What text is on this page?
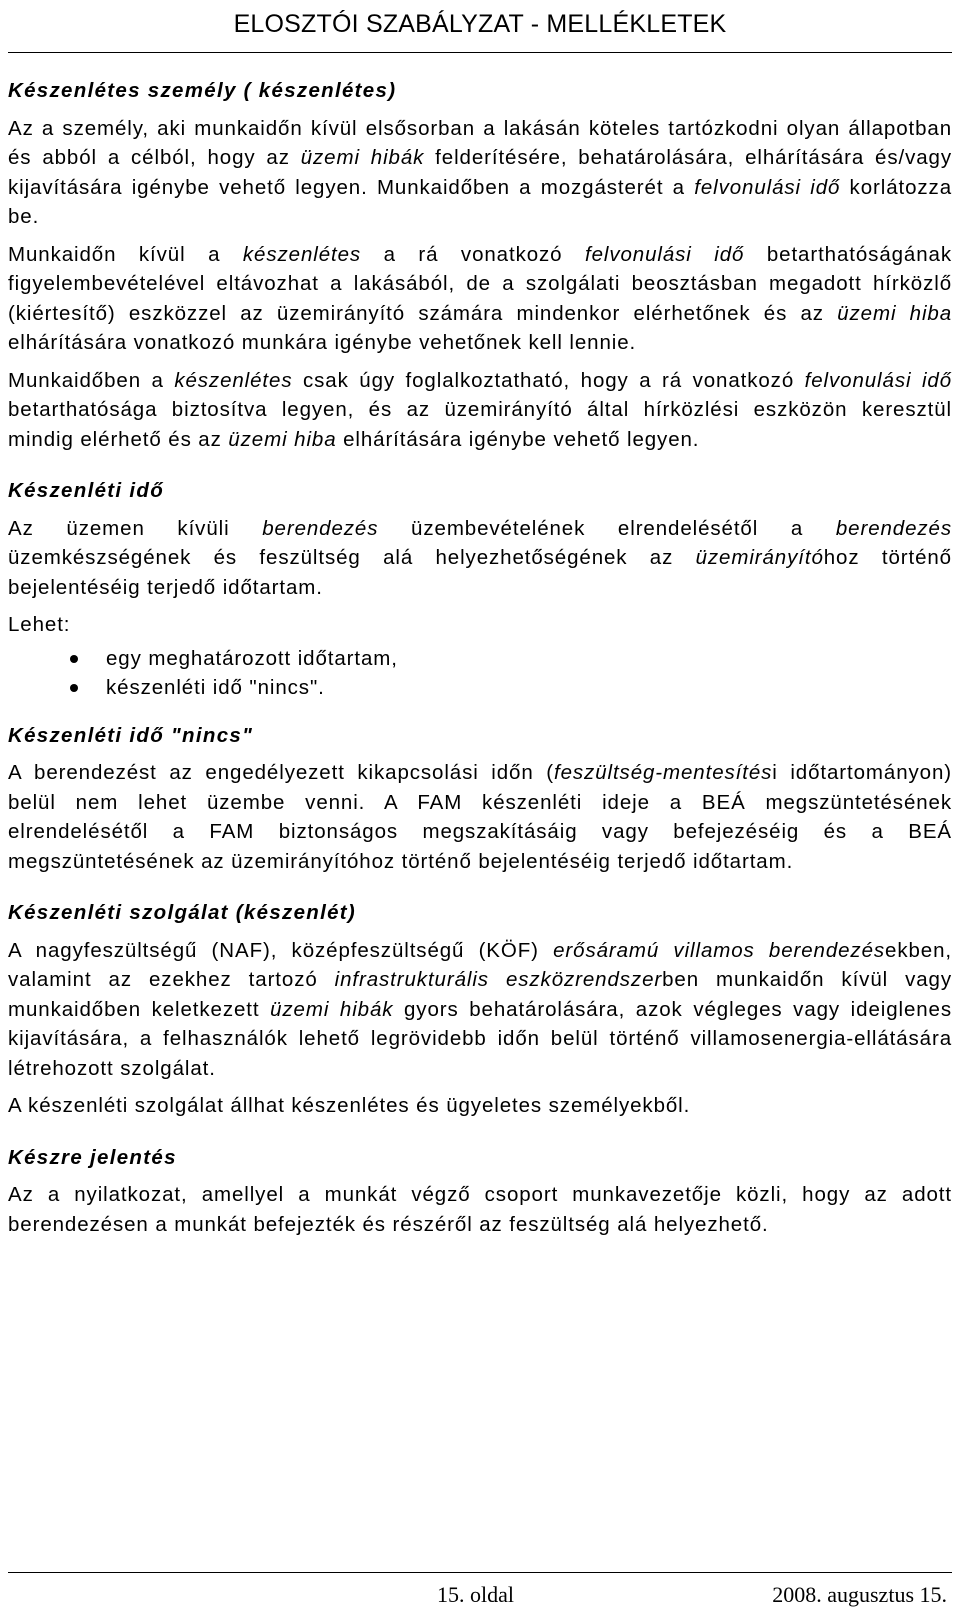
ELOSZTÓI SZABÁLYZAT - MELLÉKLETEK

Készenlétes személy ( készenlétes)

Az a személy, aki munkaidőn kívül elsősorban a lakásán köteles tartózkodni olyan állapotban és abból a célból, hogy az üzemi hibák felderítésére, behatárolására, elhárítására és/vagy kijavítására igénybe vehető legyen. Munkaidőben a mozgásterét a felvonulási idő korlátozza be.

Munkaidőn kívül a készenlétes a rá vonatkozó felvonulási idő betarthatóságának figyelembevételével eltávozhat a lakásából, de a szolgálati beosztásban megadott hírközlő (kiértesítő) eszközzel az üzemirányító számára mindenkor elérhetőnek és az üzemi hiba elhárítására vonatkozó munkára igénybe vehetőnek kell lennie.

Munkaidőben a készenlétes csak úgy foglalkoztatható, hogy a rá vonatkozó felvonulási idő betarthatósága biztosítva legyen, és az üzemirányító által hírközlési eszközön keresztül mindig elérhető és az üzemi hiba elhárítására igénybe vehető legyen.

Készenléti idő

Az üzemen kívüli berendezés üzembevételének elrendelésétől a berendezés üzemkészségének és feszültség alá helyezhetőségének az üzemirányítóhoz történő bejelentéséig terjedő időtartam.

Lehet:

egy meghatározott időtartam,
készenléti idő "nincs".

Készenléti idő "nincs"

A berendezést az engedélyezett kikapcsolási időn (feszültség-mentesítési időtartományon) belül nem lehet üzembe venni. A FAM készenléti ideje a BEÁ megszüntetésének elrendelésétől a FAM biztonságos megszakításáig vagy befejezéséig és a BEÁ megszüntetésének az üzemirányítóhoz történő bejelentéséig terjedő időtartam.

Készenléti szolgálat (készenlét)

A nagyfeszültségű (NAF), középfeszültségű (KÖF) erősáramú villamos berendezésekben, valamint az ezekhez tartozó infrastrukturális eszközrendszerben munkaidőn kívül vagy munkaidőben keletkezett üzemi hibák gyors behatárolására, azok végleges vagy ideiglenes kijavítására, a felhasználók lehető legrövidebb időn belül történő villamosenergia-ellátására létrehozott szolgálat.

A készenléti szolgálat állhat készenlétes és ügyeletes személyekből.

Készre jelentés

Az a nyilatkozat, amellyel a munkát végző csoport munkavezetője közli, hogy az adott berendezésen a munkát befejezték és részéről az feszültség alá helyezhető.

15. oldal	2008. augusztus 15.
